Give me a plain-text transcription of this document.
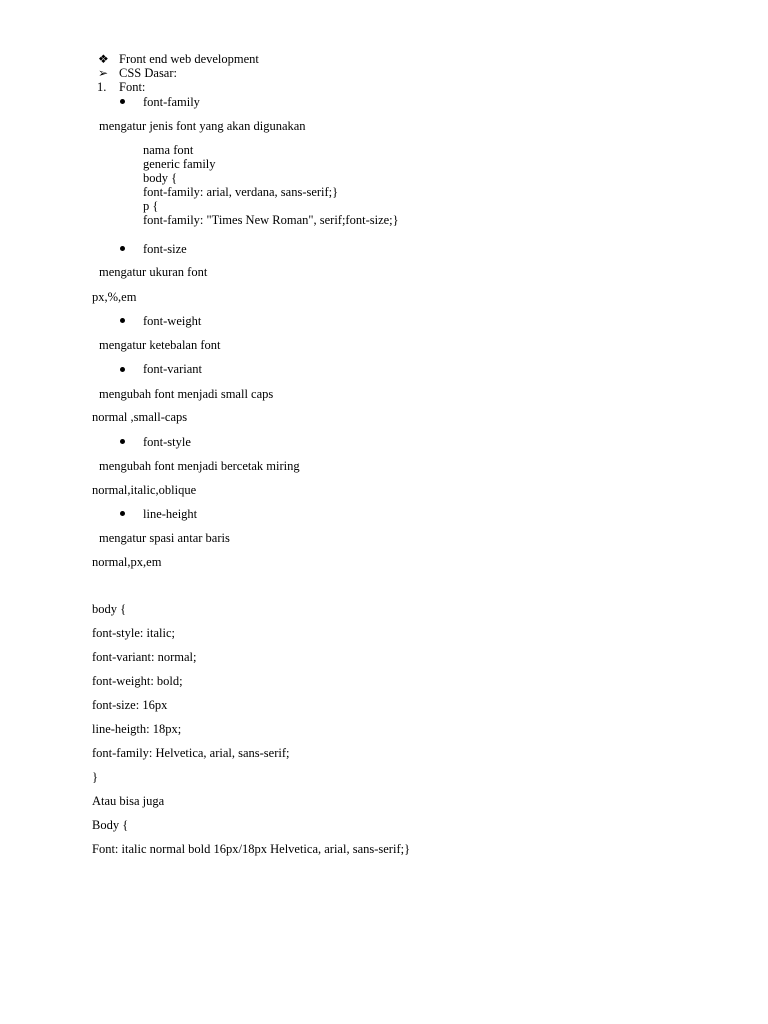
❖ Front end web development
➢ CSS Dasar:
1. Font:
font-family
mengatur jenis font yang akan digunakan
nama font
generic family
body {
font-family: arial, verdana, sans-serif;}
p {
font-family: "Times New Roman", serif;font-size;}
font-size
mengatur ukuran font
px,%,em
font-weight
mengatur ketebalan font
font-variant
mengubah font menjadi small caps
normal ,small-caps
font-style
mengubah font menjadi bercetak miring
normal,italic,oblique
line-height
mengatur spasi antar baris
normal,px,em
body {
font-style: italic;
font-variant: normal;
font-weight: bold;
font-size: 16px
line-heigth: 18px;
font-family: Helvetica, arial, sans-serif;
}
Atau bisa juga
Body {
Font: italic normal bold 16px/18px Helvetica, arial, sans-serif;}
